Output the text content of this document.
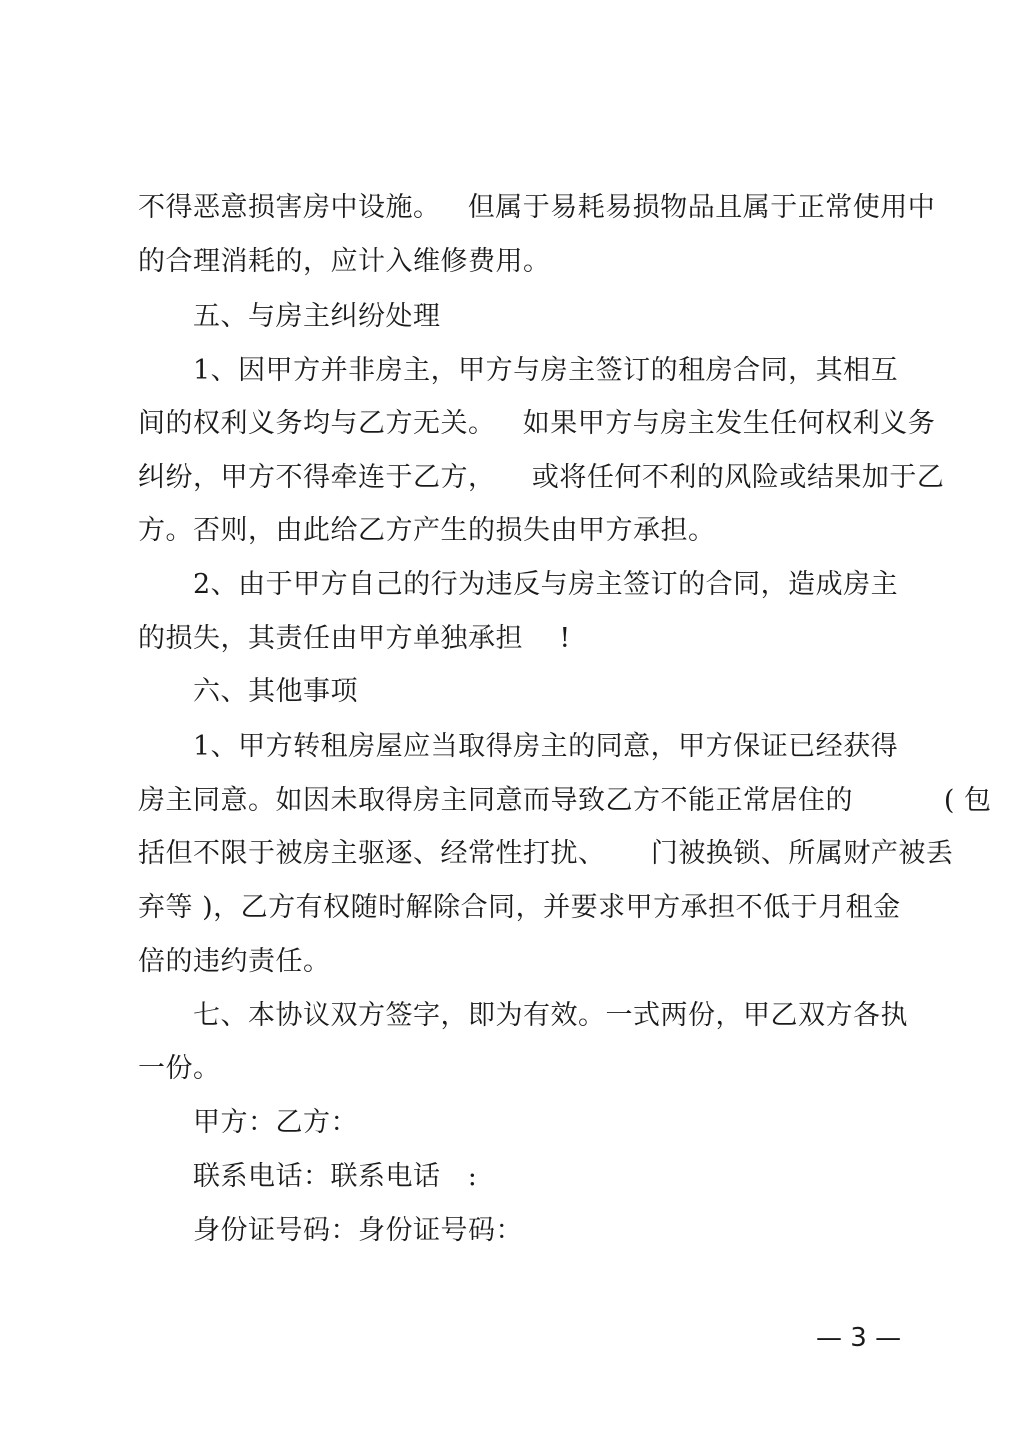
不得恶意损害房中设施。   但属于易耗易损物品且属于正常使用中
的合理消耗的，应计入维修费用。
五、与房主纠纷处理
1、因甲方并非房主，甲方与房主签订的租房合同，其相互
间的权利义务均与乙方无关。   如果甲方与房主发生任何权利义务
纠纷，甲方不得牵连于乙方，    或将任何不利的风险或结果加于乙
方。否则，由此给乙方产生的损失由甲方承担。
2、由于甲方自己的行为违反与房主签订的合同，造成房主
的损失，其责任由甲方单独承担    !
六、其他事项
1、甲方转租房屋应当取得房主的同意，甲方保证已经获得
房主同意。如因未取得房主同意而导致乙方不能正常居住的          ( 包
括但不限于被房主驱逐、经常性打扰、     门被换锁、所属财产被丢
弃等 )，乙方有权随时解除合同，并要求甲方承担不低于月租金
倍的违约责任。
七、本协议双方签字，即为有效。一式两份，甲乙双方各执
一份。
甲方：乙方：
联系电话：联系电话   :
身份证号码：身份证号码：
— 3 —
